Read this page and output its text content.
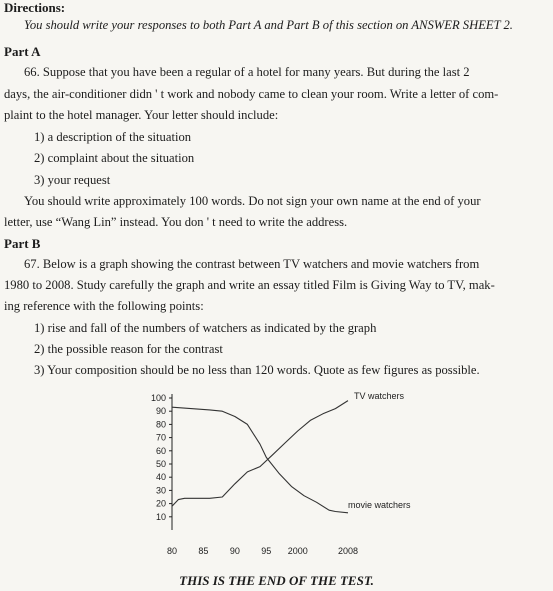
Directions:
You should write your responses to both Part A and Part B of this section on ANSWER SHEET 2.
Part A
66. Suppose that you have been a regular of a hotel for many years. But during the last 2
days, the air-conditioner didn ' t work and nobody came to clean your room. Write a letter of com-
plaint to the hotel manager. Your letter should include:
1) a description of the situation
2) complaint about the situation
3) your request
You should write approximately 100 words. Do not sign your own name at the end of your
letter, use “Wang Lin” instead. You don ' t need to write the address.
Part B
67. Below is a graph showing the contrast between TV watchers and movie watchers from
1980 to 2008. Study carefully the graph and write an essay titled Film is Giving Way to TV, mak-
ing reference with the following points:
1) rise and fall of the numbers of watchers as indicated by the graph
2) the possible reason for the contrast
3) Your composition should be no less than 120 words. Quote as few figures as possible.
10
20
30
40
50
60
70
80
90
100
80 85 90 95 2000	2008
TV watchers
movie watchers
THIS IS THE END OF THE TEST.
